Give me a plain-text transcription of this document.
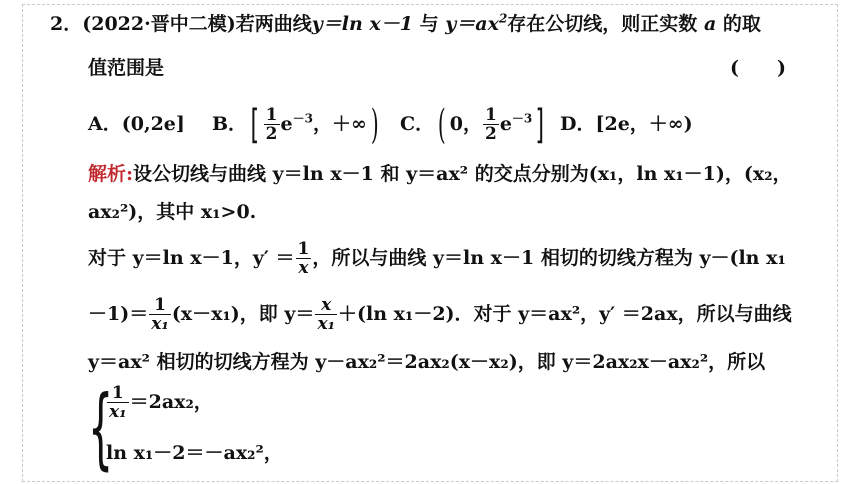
2．(2022·晋中二模)若两曲线y＝ln x－1 与 $y=ax^2$存在公切线，则正实数 a 的取
值范围是	(　　)
A．(0,2e] B．[ $\frac{1}{2} e^{-3}$，＋∞) C．( 0， $\frac{1}{2} e^{-3}$] D．[2e，＋∞)
解析:设公切线与曲线 y＝ln x－1 和 y＝ax² 的交点分别为(x₁，ln x₁－1)，(x₂，
ax₂²)，其中 x₁>0.
对于 y＝ln x－1，$y' = \frac{1}{x}$ ，所以与曲线 y＝ln x－1 相切的切线方程为 y－(ln x₁
$-1)= \frac{1}{\text{x₁}} (x-x_1)$，即 $y= \frac{x}{\text{x₁}} +(\ln$ x₁－2)．对于 y＝ax²，y′ ＝2ax，所以与曲线
y＝ax² 相切的切线方程为 y－ax₂²＝2ax₂(x－x₂)，即 y＝2ax₂x－ax₂²，所以
{
$\frac{1}{\text{x₁}} =2ax_2$，
ln x₁－2＝－ax₂²，
